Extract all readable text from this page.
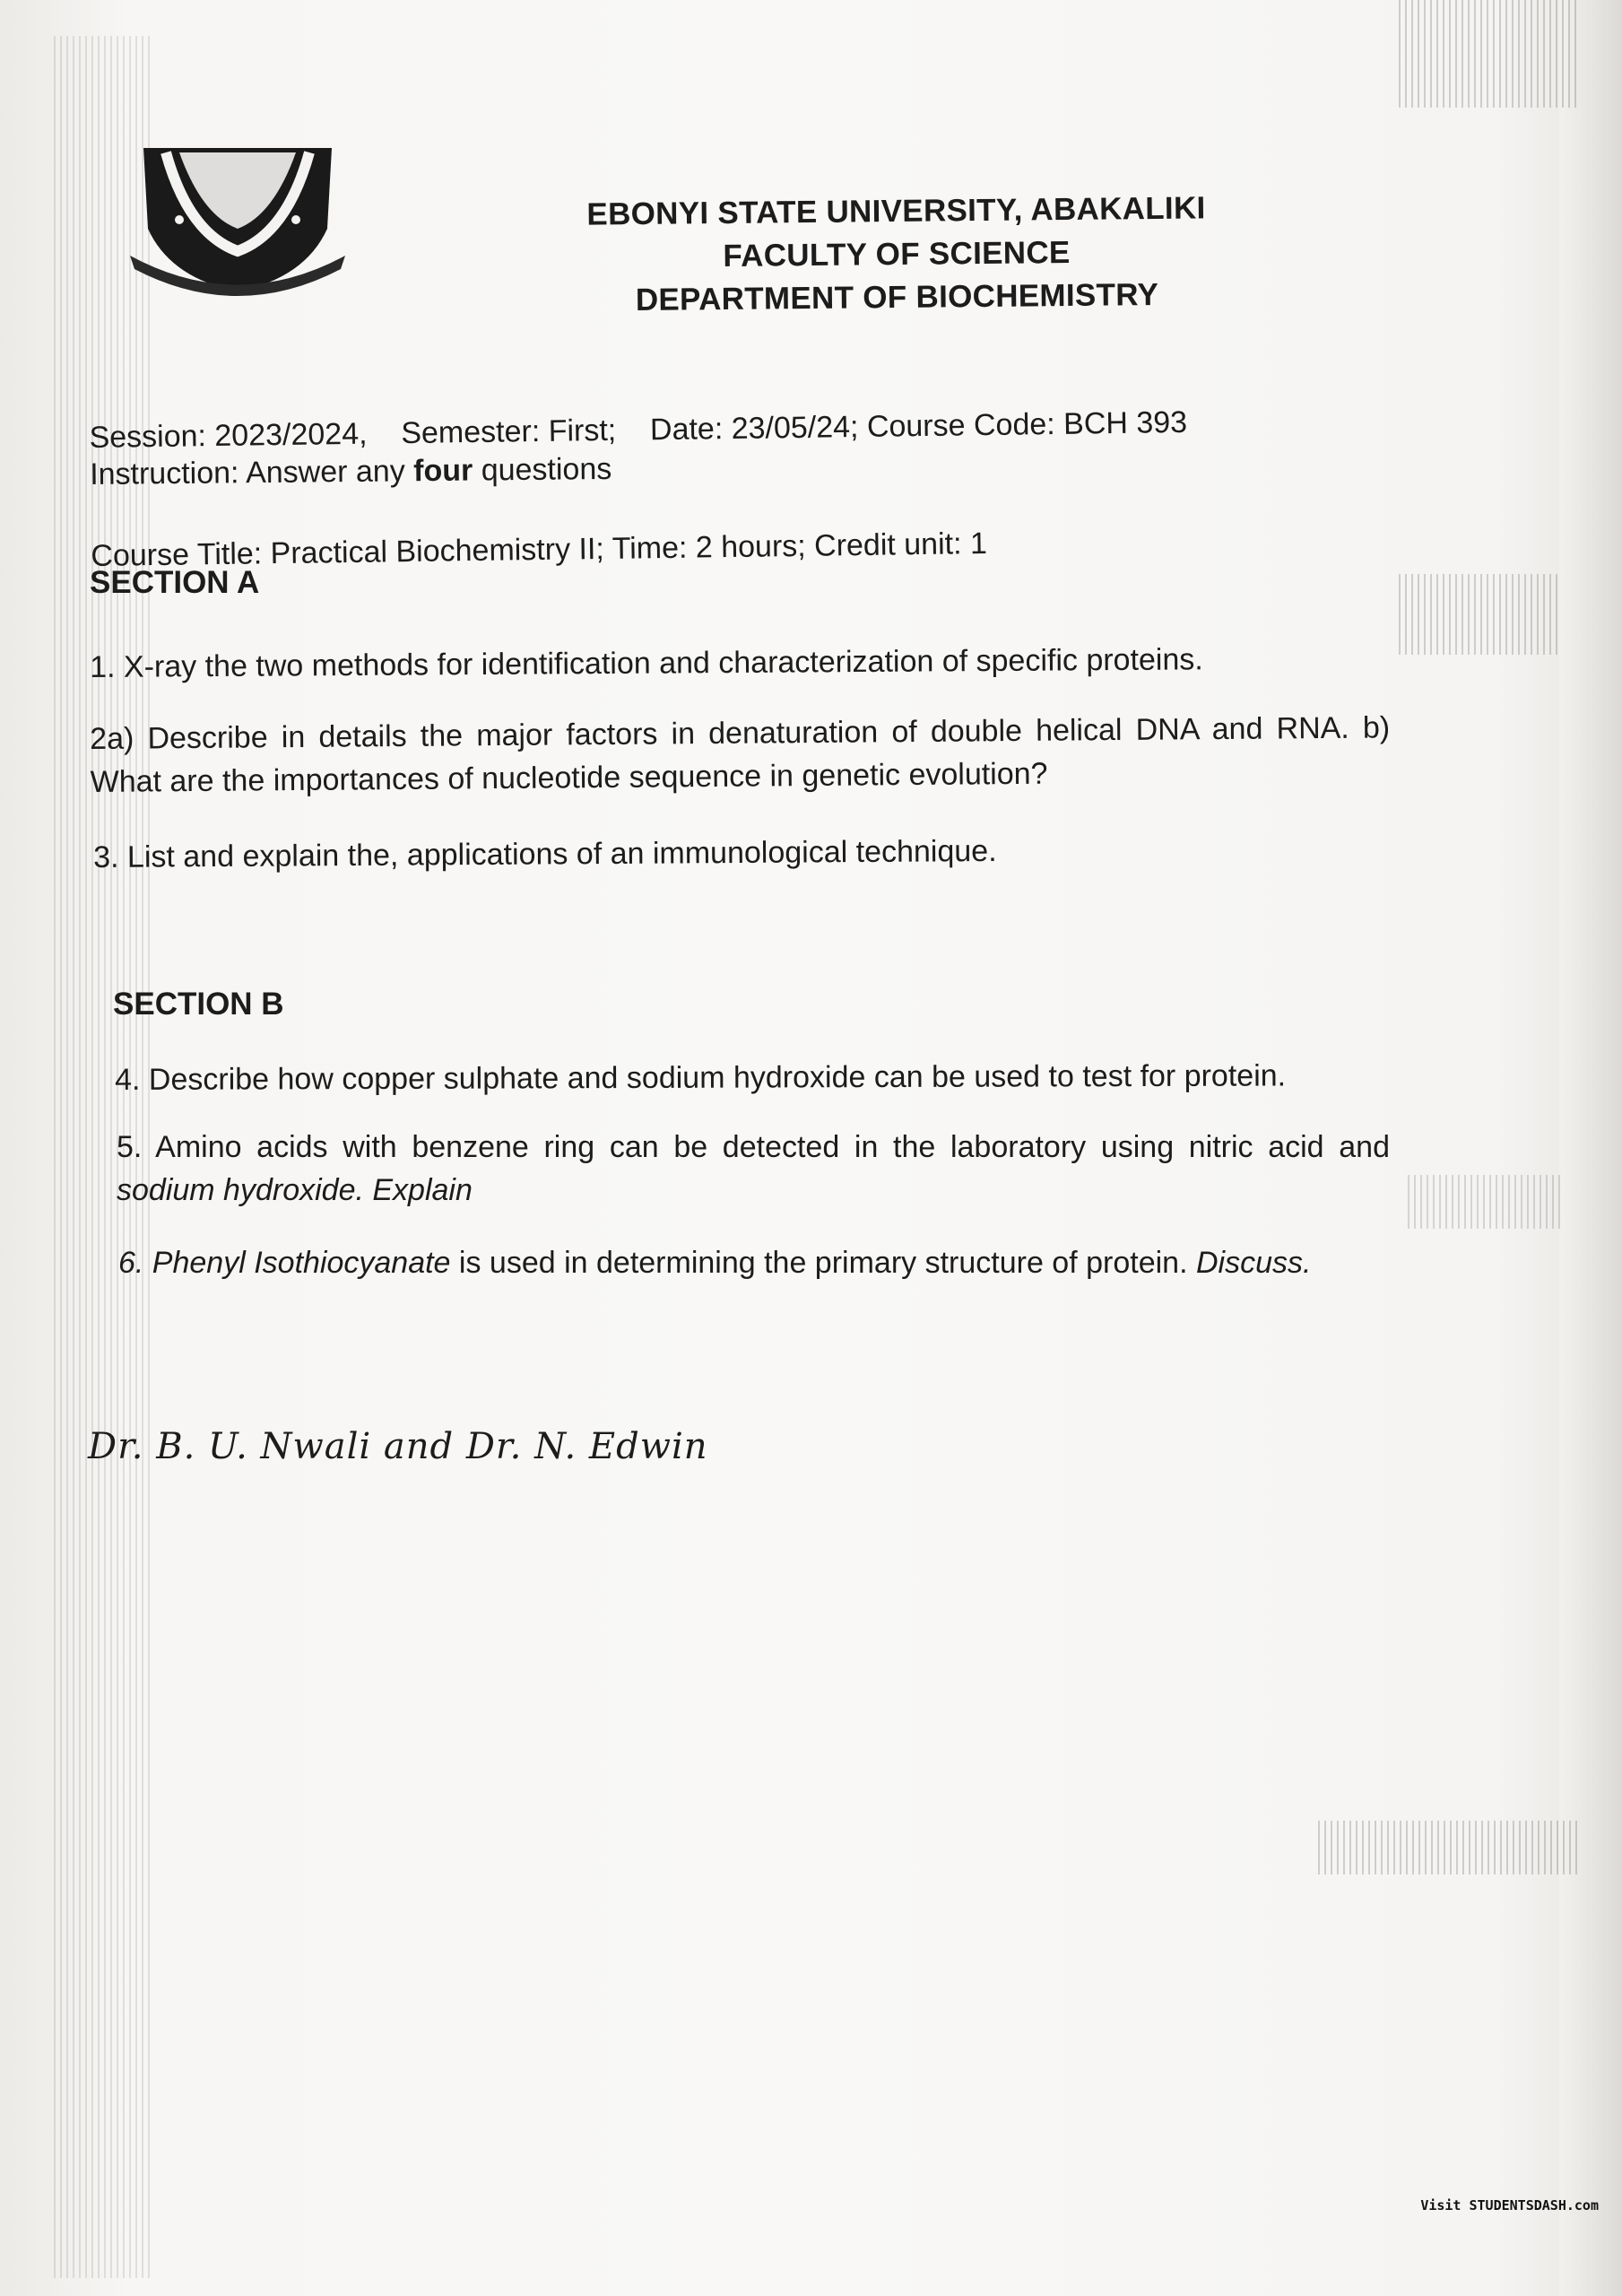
EBONYI STATE UNIVERSITY, ABAKALIKI
FACULTY OF SCIENCE
DEPARTMENT OF BIOCHEMISTRY

Session: 2023/2024,    Semester: First;    Date: 23/05/24; Course Code: BCH 393

Course Title: Practical Biochemistry II; Time: 2 hours; Credit unit: 1

Instruction: Answer any four questions
SECTION A
1. X-ray the two methods for identification and characterization of specific proteins.
2a) Describe in details the major factors in denaturation of double helical DNA and RNA. b) What are the importances of nucleotide sequence in genetic evolution?
3. List and explain the, applications of an immunological technique.
SECTION B
4. Describe how copper sulphate and sodium hydroxide can be used to test for protein.
5. Amino acids with benzene ring can be detected in the laboratory using nitric acid and sodium hydroxide. Explain
6. Phenyl Isothiocyanate is used in determining the primary structure of protein. Discuss.
Dr. B. U. Nwali and Dr. N. Edwin
Visit STUDENTSDASH.com
